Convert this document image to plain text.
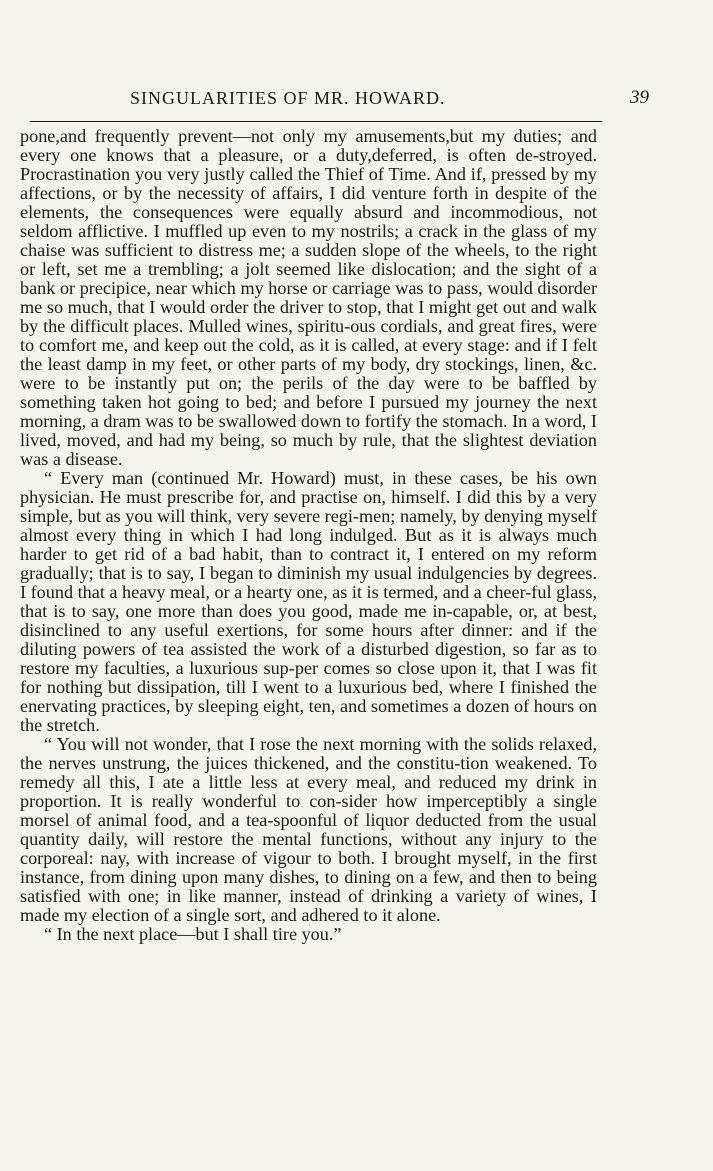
SINGULARITIES OF MR. HOWARD.	39

pone,and frequently prevent—not only my amusements,but my duties; and every one knows that a pleasure, or a duty,deferred, is often de-stroyed. Procrastination you very justly called the Thief of Time. And if, pressed by my affections, or by the necessity of affairs, I did venture forth in despite of the elements, the consequences were equally absurd and incommodious, not seldom afflictive. I muffled up even to my nostrils; a crack in the glass of my chaise was sufficient to distress me; a sudden slope of the wheels, to the right or left, set me a trembling; a jolt seemed like dislocation; and the sight of a bank or precipice, near which my horse or carriage was to pass, would disorder me so much, that I would order the driver to stop, that I might get out and walk by the difficult places. Mulled wines, spiritu-ous cordials, and great fires, were to comfort me, and keep out the cold, as it is called, at every stage: and if I felt the least damp in my feet, or other parts of my body, dry stockings, linen, &c. were to be instantly put on; the perils of the day were to be baffled by something taken hot going to bed; and before I pursued my journey the next morning, a dram was to be swallowed down to fortify the stomach. In a word, I lived, moved, and had my being, so much by rule, that the slightest deviation was a disease.

“ Every man (continued Mr. Howard) must, in these cases, be his own physician. He must prescribe for, and practise on, himself. I did this by a very simple, but as you will think, very severe regi-men; namely, by denying myself almost every thing in which I had long indulged. But as it is always much harder to get rid of a bad habit, than to contract it, I entered on my reform gradually; that is to say, I began to diminish my usual indulgencies by degrees. I found that a heavy meal, or a hearty one, as it is termed, and a cheer-ful glass, that is to say, one more than does you good, made me in-capable, or, at best, disinclined to any useful exertions, for some hours after dinner: and if the diluting powers of tea assisted the work of a disturbed digestion, so far as to restore my faculties, a luxurious sup-per comes so close upon it, that I was fit for nothing but dissipation, till I went to a luxurious bed, where I finished the enervating practices, by sleeping eight, ten, and sometimes a dozen of hours on the stretch.

“ You will not wonder, that I rose the next morning with the solids relaxed, the nerves unstrung, the juices thickened, and the constitu-tion weakened. To remedy all this, I ate a little less at every meal, and reduced my drink in proportion. It is really wonderful to con-sider how imperceptibly a single morsel of animal food, and a tea-spoonful of liquor deducted from the usual quantity daily, will restore the mental functions, without any injury to the corporeal: nay, with increase of vigour to both. I brought myself, in the first instance, from dining upon many dishes, to dining on a few, and then to being satisfied with one; in like manner, instead of drinking a variety of wines, I made my election of a single sort, and adhered to it alone.

“ In the next place—but I shall tire you.”
